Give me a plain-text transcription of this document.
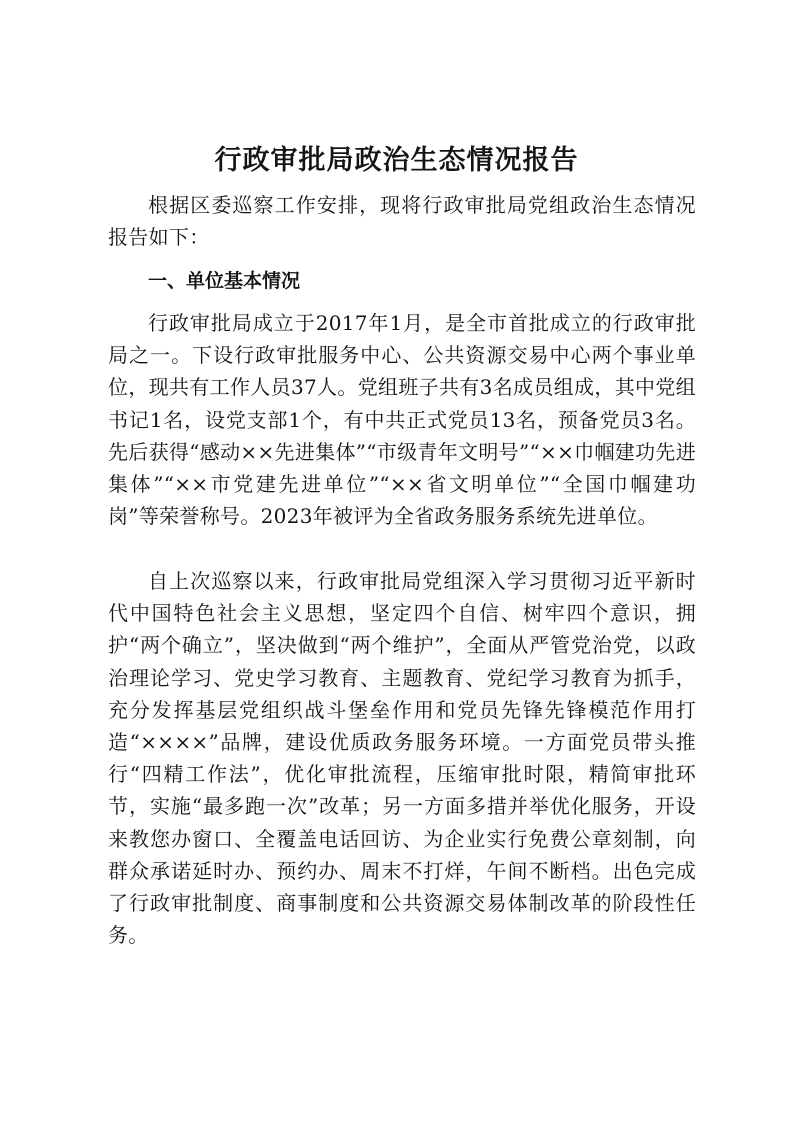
行政审批局政治生态情况报告

根据区委巡察工作安排，现将行政审批局党组政治生态情况报告如下：

一、单位基本情况

行政审批局成立于2017年1月，是全市首批成立的行政审批局之一。下设行政审批服务中心、公共资源交易中心两个事业单位，现共有工作人员37人。党组班子共有3名成员组成，其中党组书记1名，设党支部1个，有中共正式党员13名，预备党员3名。先后获得“感动××先进集体”“市级青年文明号”“××巾帼建功先进集体”“××市党建先进单位”“××省文明单位”“全国巾帼建功岗”等荣誉称号。2023年被评为全省政务服务系统先进单位。

自上次巡察以来，行政审批局党组深入学习贯彻习近平新时代中国特色社会主义思想，坚定四个自信、树牢四个意识，拥护“两个确立”，坚决做到“两个维护”，全面从严管党治党，以政治理论学习、党史学习教育、主题教育、党纪学习教育为抓手，充分发挥基层党组织战斗堡垒作用和党员先锋先锋模范作用打造“××××”品牌，建设优质政务服务环境。一方面党员带头推行“四精工作法”，优化审批流程，压缩审批时限，精简审批环节，实施“最多跑一次”改革；另一方面多措并举优化服务，开设来教您办窗口、全覆盖电话回访、为企业实行免费公章刻制，向群众承诺延时办、预约办、周末不打烊，午间不断档。出色完成了行政审批制度、商事制度和公共资源交易体制改革的阶段性任务。
